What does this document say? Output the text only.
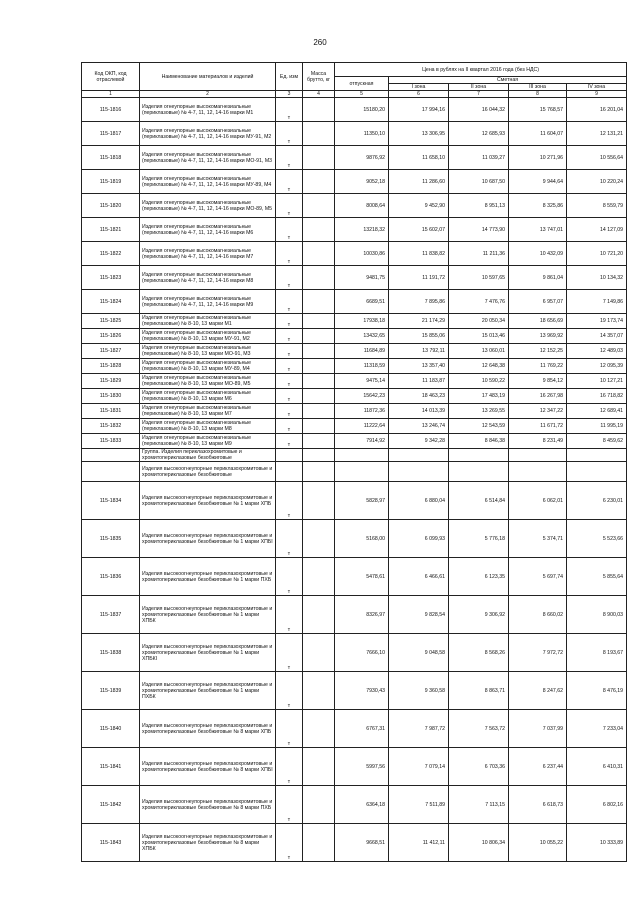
260
Код ОКП, код отраслевой	Наименование материалов и изделий	Ед. изм	Масса брутто, кг	Цена в рублях на II квартал 2016 года (без НДС)				
				отпускная	Сметная			
					I зона	II зона	III зона	IV зона
1	2	3	4	5	6	7	8	9
115-1816	Изделия огнеупорные высокомагнезиальные (периклазовые) № 4-7, 11, 12, 14-16 марки М1	т		15180,20	17 994,16	16 044,32	15 768,57	16 201,04
115-1817	Изделия огнеупорные высокомагнезиальные (периклазовые) № 4-7, 11, 12, 14-16 марки МУ-91, М2	т		11350,10	13 306,95	12 685,93	11 604,07	12 131,21
115-1818	Изделия огнеупорные высокомагнезиальные (периклазовые) № 4-7, 11, 12, 14-16 марки МО-91, М3	т		9876,92	11 658,10	11 039,27	10 271,96	10 556,64
115-1819	Изделия огнеупорные высокомагнезиальные (периклазовые) № 4-7, 11, 12, 14-16 марки МУ-89, М4	т		9052,18	11 286,60	10 687,50	9 944,64	10 220,24
115-1820	Изделия огнеупорные высокомагнезиальные (периклазовые) № 4-7, 11, 12, 14-16 марки МО-89, М5	т		8008,64	9 452,90	8 951,13	8 325,86	8 559,79
115-1821	Изделия огнеупорные высокомагнезиальные (периклазовые) № 4-7, 11, 12, 14-16 марки М6	т		13218,32	15 602,07	14 773,90	13 747,01	14 127,09
115-1822	Изделия огнеупорные высокомагнезиальные (периклазовые) № 4-7, 11, 12, 14-16 марки М7	т		10030,86	11 838,82	11 211,36	10 432,09	10 721,20
115-1823	Изделия огнеупорные высокомагнезиальные (периклазовые) № 4-7, 11, 12, 14-16 марки М8	т		9481,75	11 191,72	10 597,65	9 861,04	10 134,32
115-1824	Изделия огнеупорные высокомагнезиальные (периклазовые) № 4-7, 11, 12, 14-16 марки М9	т		6689,51	7 895,86	7 476,76	6 957,07	7 149,86
115-1825	Изделия огнеупорные высокомагнезиальные (периклазовые) № 8-10, 13 марки М1	т		17938,18	21 174,29	20 050,34	18 656,69	19 173,74
115-1826	Изделия огнеупорные высокомагнезиальные (периклазовые) № 8-10, 13 марки МУ-91, М2	т		13432,65	15 855,06	15 013,46	13 969,92	14 357,07
115-1827	Изделия огнеупорные высокомагнезиальные (периклазовые) № 8-10, 13 марки МО-91, М3	т		11684,89	13 792,11	13 060,01	12 152,25	12 489,03
115-1828	Изделия огнеупорные высокомагнезиальные (периклазовые) № 8-10, 13 марки МУ-89, М4	т		11318,59	13 357,40	12 648,38	11 769,22	12 095,39
115-1829	Изделия огнеупорные высокомагнезиальные (периклазовые) № 8-10, 13 марки МО-89, М5	т		9475,14	11 183,87	10 590,22	9 854,12	10 127,21
115-1830	Изделия огнеупорные высокомагнезиальные (периклазовые) № 8-10, 13 марки М6	т		15642,23	18 463,23	17 483,19	16 267,98	16 718,82
115-1831	Изделия огнеупорные высокомагнезиальные (периклазовые) № 8-10, 13 марки М7	т		11872,36	14 013,39	13 269,55	12 347,22	12 689,41
115-1832	Изделия огнеупорные высокомагнезиальные (периклазовые) № 8-10, 13 марки М8	т		11222,64	13 246,74	12 543,59	11 671,72	11 995,19
115-1833	Изделия огнеупорные высокомагнезиальные (периклазовые) № 8-10, 13 марки М9	т		7914,92	9 342,28	8 846,38	8 231,49	8 459,62
	Группа. Изделия периклазохромитовые и хромитопериклазовые безобжиговые							
	Изделия высокоогнеупорные периклазохромитовые и хромитопериклазовые безобжиговые							
115-1834	Изделия высокоогнеупорные периклазохромитовые и хромитопериклазовые безобжиговые № 1 марки ХПБ	т		5828,97	6 880,04	6 514,84	6 062,01	6 230,01
115-1835	Изделия высокоогнеупорные периклазохромитовые и хромитопериклазовые безобжиговые № 1 марки ХПБI	т		5168,00	6 099,93	5 776,18	5 374,71	5 523,66
115-1836	Изделия высокоогнеупорные периклазохромитовые и хромитопериклазовые безобжиговые № 1 марки ПХБ	т		5478,61	6 466,61	6 123,35	5 697,74	5 855,64
115-1837	Изделия высокоогнеупорные периклазохромитовые и хромитопериклазовые безобжиговые № 1 марки ХПБК	т		8326,97	9 828,54	9 306,92	8 660,02	8 900,03
115-1838	Изделия высокоогнеупорные периклазохромитовые и хромитопериклазовые безобжиговые № 1 марки ХПБКI	т		7666,10	9 048,58	8 568,26	7 972,72	8 193,67
115-1839	Изделия высокоогнеупорные периклазохромитовые и хромитопериклазовые безобжиговые № 1 марки ПХБК	т		7930,43	9 360,58	8 863,71	8 247,62	8 476,19
115-1840	Изделия высокоогнеупорные периклазохромитовые и хромитопериклазовые безобжиговые № 8 марки ХПБ	т		6767,31	7 987,72	7 563,72	7 037,99	7 233,04
115-1841	Изделия высокоогнеупорные периклазохромитовые и хромитопериклазовые безобжиговые № 8 марки ХПБI	т		5997,56	7 079,14	6 703,36	6 237,44	6 410,31
115-1842	Изделия высокоогнеупорные периклазохромитовые и хромитопериклазовые безобжиговые № 8 марки ПХБ	т		6364,18	7 511,89	7 113,15	6 618,73	6 802,16
115-1843	Изделия высокоогнеупорные периклазохромитовые и хромитопериклазовые безобжиговые № 8 марки ХПБК	т		9668,51	11 412,11	10 806,34	10 055,22	10 333,89
